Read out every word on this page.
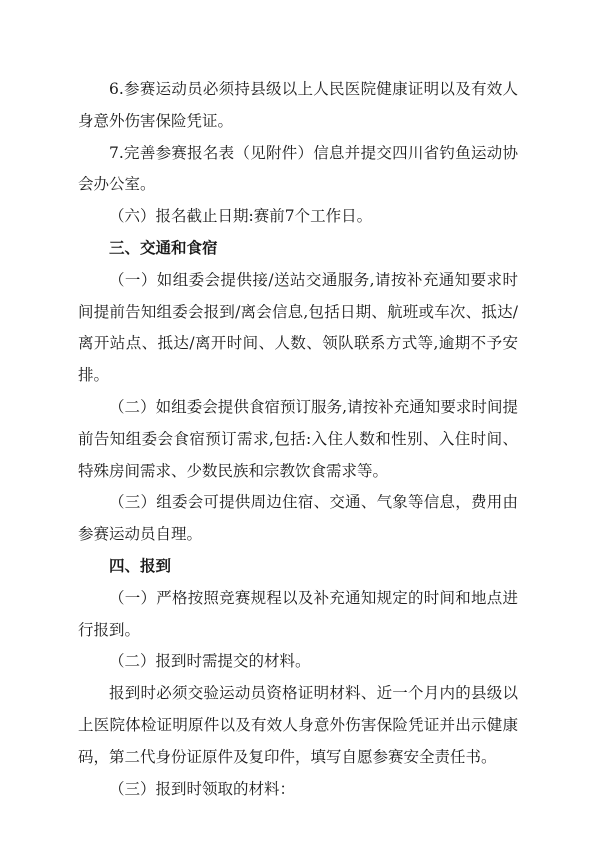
6.参赛运动员必须持县级以上人民医院健康证明以及有效人身意外伤害保险凭证。

7.完善参赛报名表（见附件）信息并提交四川省钓鱼运动协会办公室。

（六）报名截止日期:赛前7个工作日。

三、交通和食宿

（一）如组委会提供接/送站交通服务,请按补充通知要求时间提前告知组委会报到/离会信息,包括日期、航班或车次、抵达/离开站点、抵达/离开时间、人数、领队联系方式等,逾期不予安排。

（二）如组委会提供食宿预订服务,请按补充通知要求时间提前告知组委会食宿预订需求,包括:入住人数和性别、入住时间、特殊房间需求、少数民族和宗教饮食需求等。

（三）组委会可提供周边住宿、交通、气象等信息，费用由参赛运动员自理。

四、报到

（一）严格按照竞赛规程以及补充通知规定的时间和地点进行报到。

（二）报到时需提交的材料。

报到时必须交验运动员资格证明材料、近一个月内的县级以上医院体检证明原件以及有效人身意外伤害保险凭证并出示健康码，第二代身份证原件及复印件，填写自愿参赛安全责任书。

（三）报到时领取的材料：
